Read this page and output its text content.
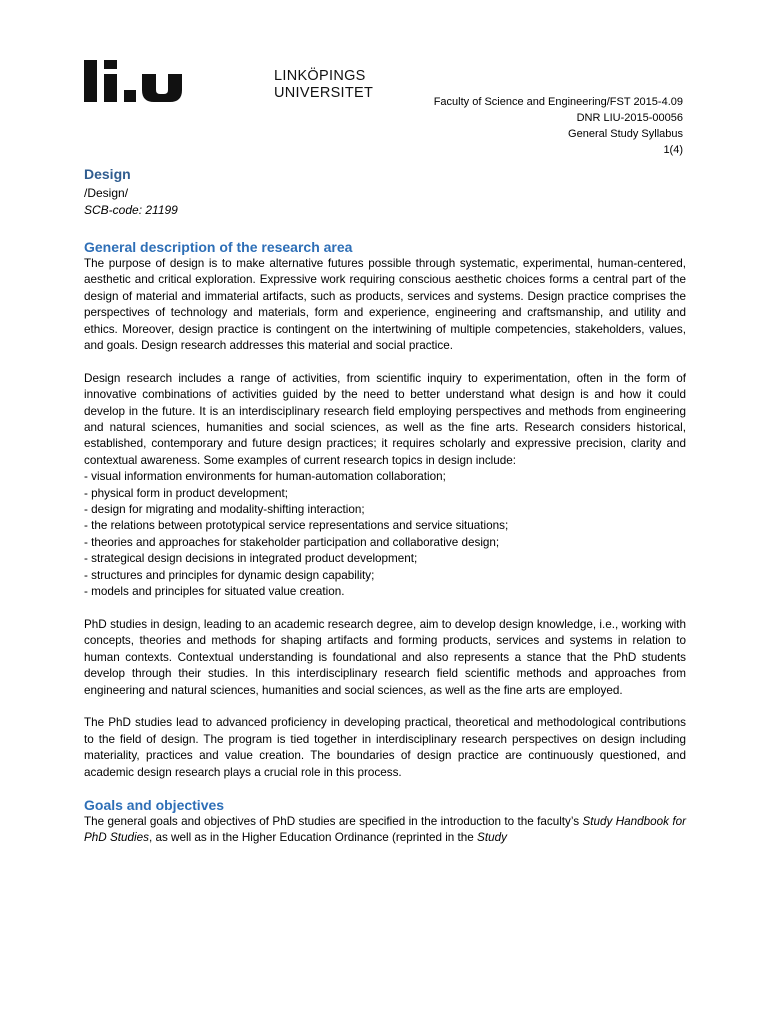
LINKÖPINGS
UNIVERSITET
Faculty of Science and Engineering/FST 2015-4.09
DNR LIU-2015-00056
General Study Syllabus
1(4)
Design
/Design/
SCB-code: 21199
General description of the research area

The purpose of design is to make alternative futures possible through systematic, experimental, human-centered, aesthetic and critical exploration. Expressive work requiring conscious aesthetic choices forms a central part of the design of material and immaterial artifacts, such as products, services and systems. Design practice comprises the perspectives of technology and materials, form and experience, engineering and craftsmanship, and utility and ethics. Moreover, design practice is contingent on the intertwining of multiple competencies, stakeholders, values, and goals. Design research addresses this material and social practice.

Design research includes a range of activities, from scientific inquiry to experimentation, often in the form of innovative combinations of activities guided by the need to better understand what design is and how it could develop in the future. It is an interdisciplinary research field employing perspectives and methods from engineering and natural sciences, humanities and social sciences, as well as the fine arts. Research considers historical, established, contemporary and future design practices; it requires scholarly and expressive precision, clarity and contextual awareness. Some examples of current research topics in design include:

- visual information environments for human-automation collaboration;
- physical form in product development;
- design for migrating and modality-shifting interaction;
- the relations between prototypical service representations and service situations;
- theories and approaches for stakeholder participation and collaborative design;
- strategical design decisions in integrated product development;
- structures and principles for dynamic design capability;
- models and principles for situated value creation.

PhD studies in design, leading to an academic research degree, aim to develop design knowledge, i.e., working with concepts, theories and methods for shaping artifacts and forming products, services and systems in relation to human contexts. Contextual understanding is foundational and also represents a stance that the PhD students develop through their studies. In this interdisciplinary research field scientific methods and approaches from engineering and natural sciences, humanities and social sciences, as well as the fine arts are employed.

The PhD studies lead to advanced proficiency in developing practical, theoretical and methodological contributions to the field of design. The program is tied together in interdisciplinary research perspectives on design including materiality, practices and value creation. The boundaries of design practice are continuously questioned, and academic design research plays a crucial role in this process.

Goals and objectives

The general goals and objectives of PhD studies are specified in the introduction to the faculty’s Study Handbook for PhD Studies, as well as in the Higher Education Ordinance (reprinted in the Study
